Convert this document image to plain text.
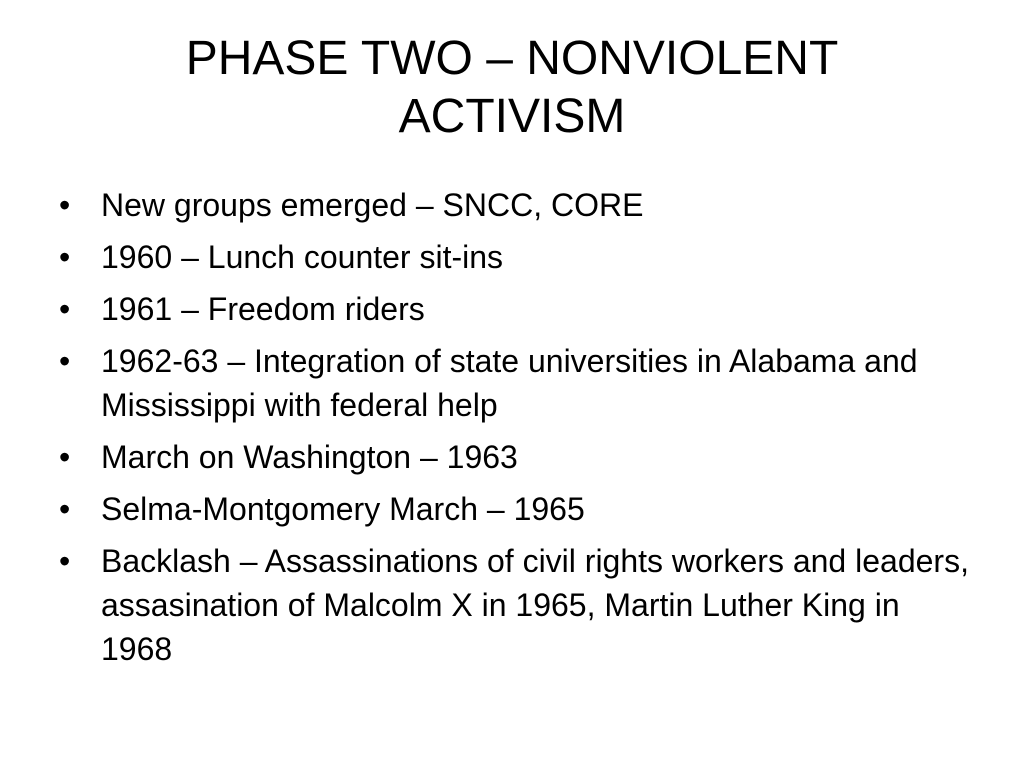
PHASE TWO – NONVIOLENT
ACTIVISM
• New groups emerged – SNCC, CORE
• 1960 – Lunch counter sit-ins
• 1961 – Freedom riders
• 1962-63 – Integration of state universities in Alabama and Mississippi with federal help
• March on Washington – 1963
• Selma-Montgomery March – 1965
• Backlash – Assassinations of civil rights workers and leaders, assasination of Malcolm X in 1965, Martin Luther King in 1968
